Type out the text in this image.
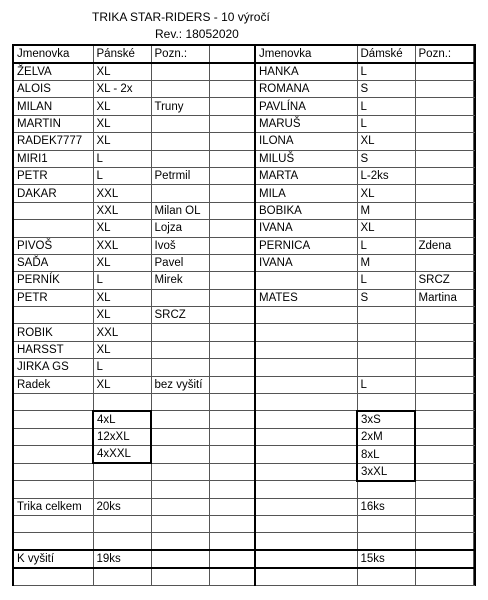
TRIKA STAR-RIDERS - 10 výročí
Rev.: 18052020
Jmenovka	Pánské	Pozn.:		Jmenovka	Dámské	Pozn.:	
ŽELVA	XL			HANKA	L		
ALOIS	XL - 2x			ROMANA	S		
MILAN	XL	Truny		PAVLÍNA	L		
MARTIN	XL			MARUŠ	L		
RADEK7777	XL			ILONA	XL		
MIRI1	L			MILUŠ	S		
PETR	L	Petrmil		MARTA	L-2ks		
DAKAR	XXL			MILA	XL		
	XXL	Milan OL		BOBIKA	M		
	XL	Lojza		IVANA	XL		
PIVOŠ	XXL	Ivoš		PERNICA	L	Zdena	
SAĎA	XL	Pavel		IVANA	M		
PERNÍK	L	Mirek			L	SRCZ	
PETR	XL			MATES	S	Martina	
	XL	SRCZ					
ROBIK	XXL						
HARSST	XL						
JIRKA GS	L						
Radek	XL	bez vyšití			L		

	4xL				3xS		
	12xXL				2xM		
	4xXXL				8xL		
					3xXL		

Trika celkem	20ks				16ks		

K vyšití	19ks				15ks		
